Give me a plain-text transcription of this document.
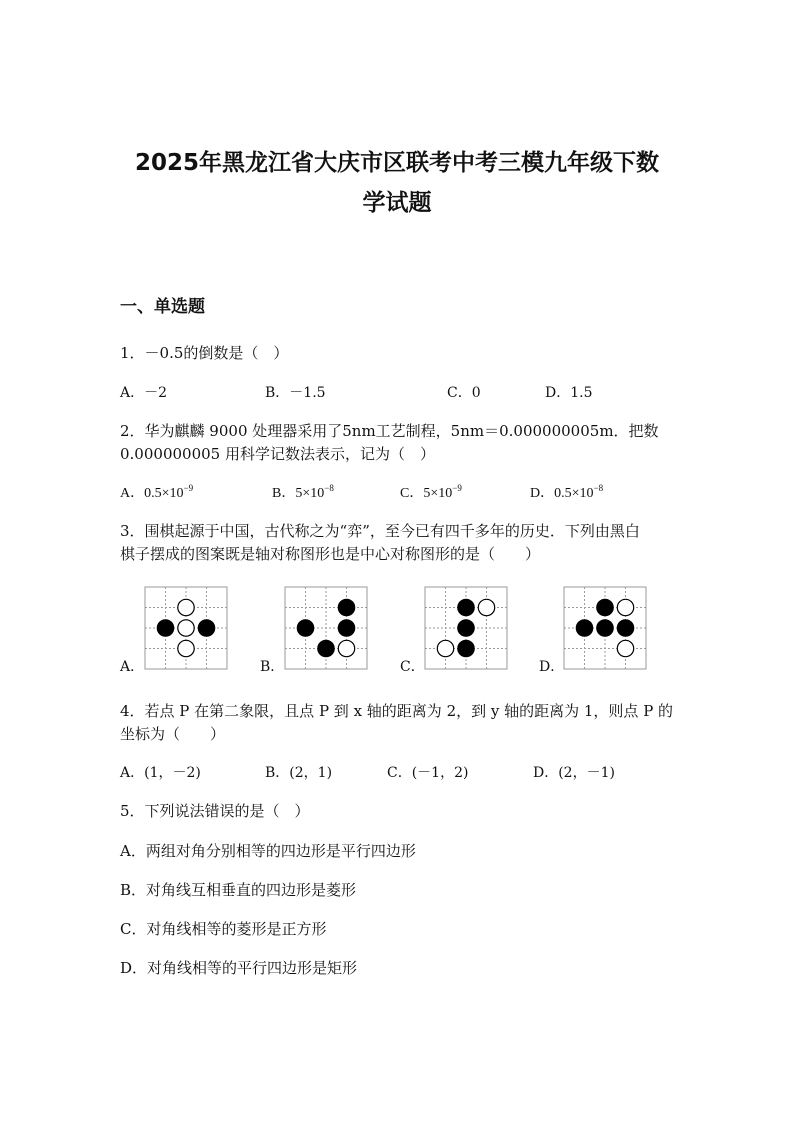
2025年黑龙江省大庆市区联考中考三模九年级下数
学试题
一、单选题
1．－0.5的倒数是（　）
A．－2	B．－1.5	C．0	D．1.5
2．华为麒麟 9000 处理器采用了5nm工艺制程，5nm＝0.000000005m．把数
0.000000005 用科学记数法表示，记为（　）
A．$0.5\times 10^{-9}$	B．$5\times 10^{-8}$	C．$5\times 10^{-9}$	D．$0.5\times 10^{-8}$
3．围棋起源于中国，古代称之为“弈”，至今已有四千多年的历史．下列由黑白
棋子摆成的图案既是轴对称图形也是中心对称图形的是（　　）
A．	B．	C．	D．
4．若点 P 在第二象限，且点 P 到 x 轴的距离为 2，到 y 轴的距离为 1，则点 P 的
坐标为（　　）
A．(1，－2)	B．(2，1)	C．(－1，2)	D．(2，－1)
5．下列说法错误的是（　）
A．两组对角分别相等的四边形是平行四边形
B．对角线互相垂直的四边形是菱形
C．对角线相等的菱形是正方形
D．对角线相等的平行四边形是矩形
